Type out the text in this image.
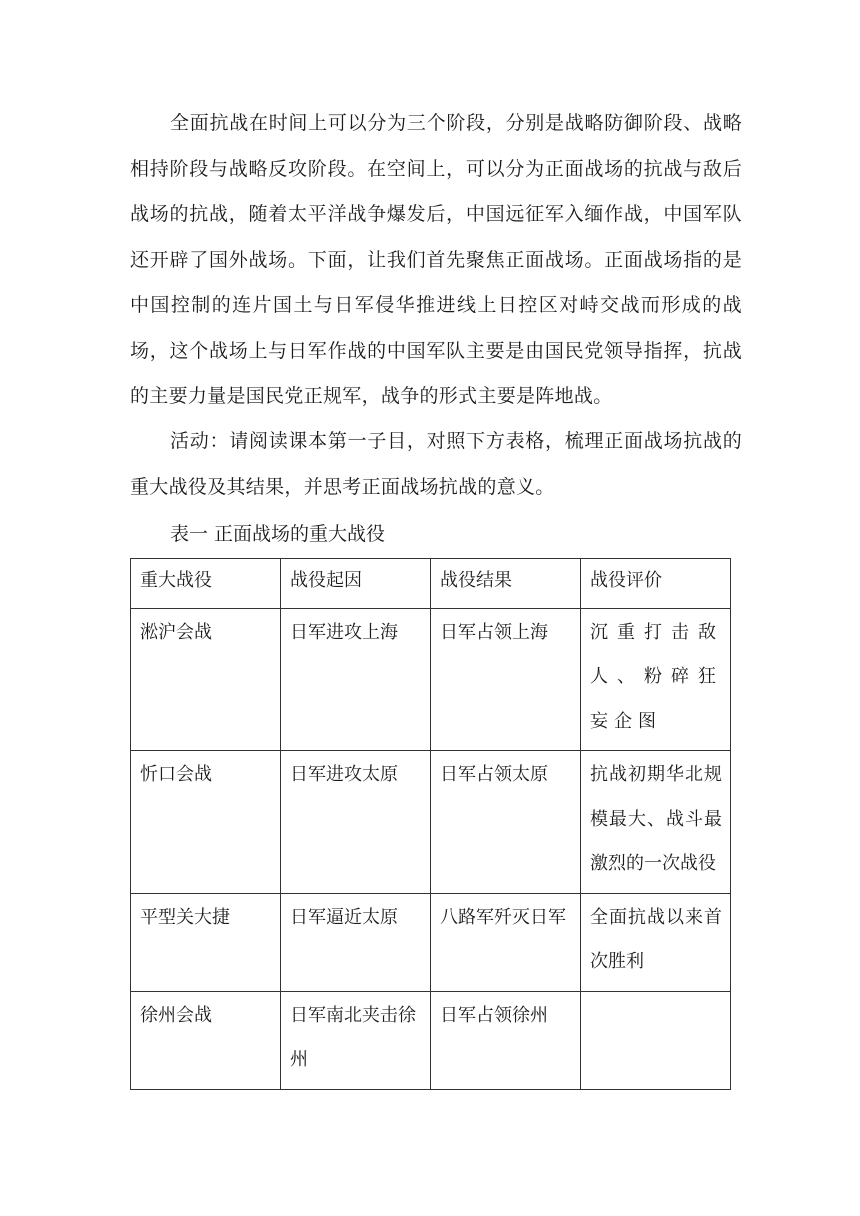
全面抗战在时间上可以分为三个阶段，分别是战略防御阶段、战略相持阶段与战略反攻阶段。在空间上，可以分为正面战场的抗战与敌后战场的抗战，随着太平洋战争爆发后，中国远征军入缅作战，中国军队还开辟了国外战场。下面，让我们首先聚焦正面战场。正面战场指的是中国控制的连片国土与日军侵华推进线上日控区对峙交战而形成的战场，这个战场上与日军作战的中国军队主要是由国民党领导指挥，抗战的主要力量是国民党正规军，战争的形式主要是阵地战。

活动：请阅读课本第一子目，对照下方表格，梳理正面战场抗战的重大战役及其结果，并思考正面战场抗战的意义。

表一 正面战场的重大战役

重大战役	战役起因	战役结果	战役评价
淞沪会战	日军进攻上海	日军占领上海	沉重打击敌人、粉碎狂妄企图
忻口会战	日军进攻太原	日军占领太原	抗战初期华北规模最大、战斗最激烈的一次战役
平型关大捷	日军逼近太原	八路军歼灭日军	全面抗战以来首次胜利
徐州会战	日军南北夹击徐州	日军占领徐州	
